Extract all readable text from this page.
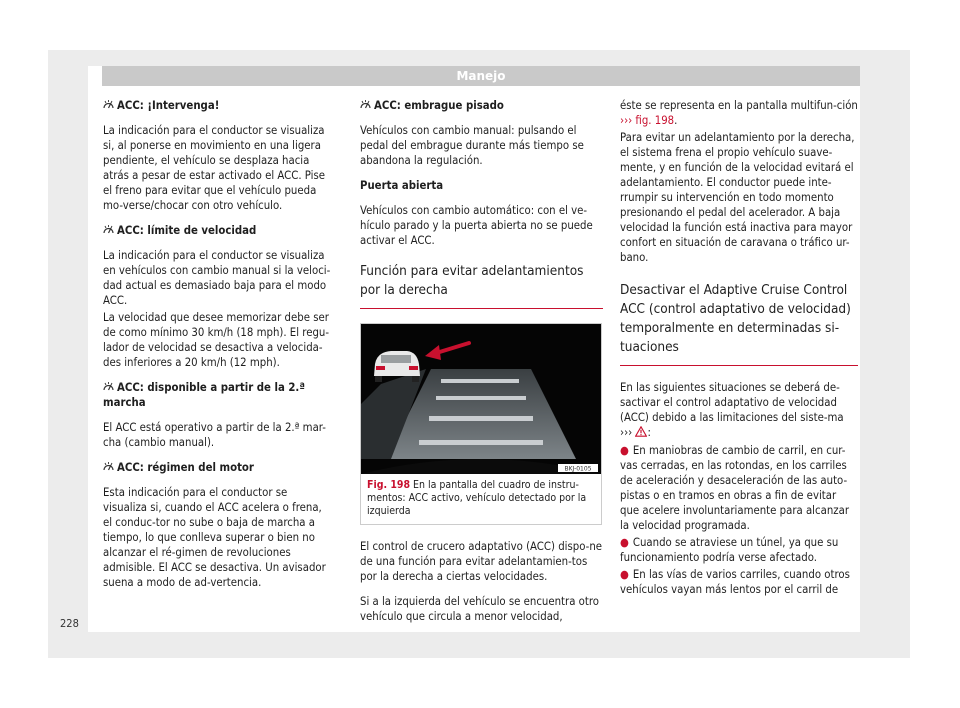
Manejo

ACC: ¡Intervenga!

La indicación para el conductor se visualiza si, al ponerse en movimiento en una ligera pendiente, el vehículo se desplaza hacia atrás a pesar de estar activado el ACC. Pise el freno para evitar que el vehículo pueda mo-verse/chocar con otro vehículo.

ACC: límite de velocidad

La indicación para el conductor se visualiza en vehículos con cambio manual si la veloci-dad actual es demasiado baja para el modo ACC.

La velocidad que desee memorizar debe ser de como mínimo 30 km/h (18 mph). El regu-lador de velocidad se desactiva a velocida-des inferiores a 20 km/h (12 mph).

ACC: disponible a partir de la 2.ª marcha

El ACC está operativo a partir de la 2.ª mar-cha (cambio manual).

ACC: régimen del motor

Esta indicación para el conductor se visualiza si, cuando el ACC acelera o frena, el conduc-tor no sube o baja de marcha a tiempo, lo que conlleva superar o bien no alcanzar el ré-gimen de revoluciones admisible. El ACC se desactiva. Un avisador suena a modo de ad-vertencia.

ACC: embrague pisado

Vehículos con cambio manual: pulsando el pedal del embrague durante más tiempo se abandona la regulación.

Puerta abierta

Vehículos con cambio automático: con el ve-hículo parado y la puerta abierta no se puede activar el ACC.

Función para evitar adelantamientos por la derecha
BKJ-0105
Fig. 198 En la pantalla del cuadro de instru-mentos: ACC activo, vehículo detectado por la izquierda

El control de crucero adaptativo (ACC) dispo-ne de una función para evitar adelantamien-tos por la derecha a ciertas velocidades.

Si a la izquierda del vehículo se encuentra otro vehículo que circula a menor velocidad,

éste se representa en la pantalla multifun-ción ››› fig. 198.

Para evitar un adelantamiento por la derecha, el sistema frena el propio vehículo suave-mente, y en función de la velocidad evitará el adelantamiento. El conductor puede inte-rrumpir su intervención en todo momento presionando el pedal del acelerador. A baja velocidad la función está inactiva para mayor confort en situación de caravana o tráfico ur-bano.

Desactivar el Adaptive Cruise Control ACC (control adaptativo de velocidad) temporalmente en determinadas si-tuaciones

En las siguientes situaciones se deberá de-sactivar el control adaptativo de velocidad (ACC) debido a las limitaciones del siste-ma ››› :

● En maniobras de cambio de carril, en cur-vas cerradas, en las rotondas, en los carriles de aceleración y desaceleración de las auto-pistas o en tramos en obras a fin de evitar que acelere involuntariamente para alcanzar la velocidad programada.

● Cuando se atraviese un túnel, ya que su funcionamiento podría verse afectado.

● En las vías de varios carriles, cuando otros vehículos vayan más lentos por el carril de

228
